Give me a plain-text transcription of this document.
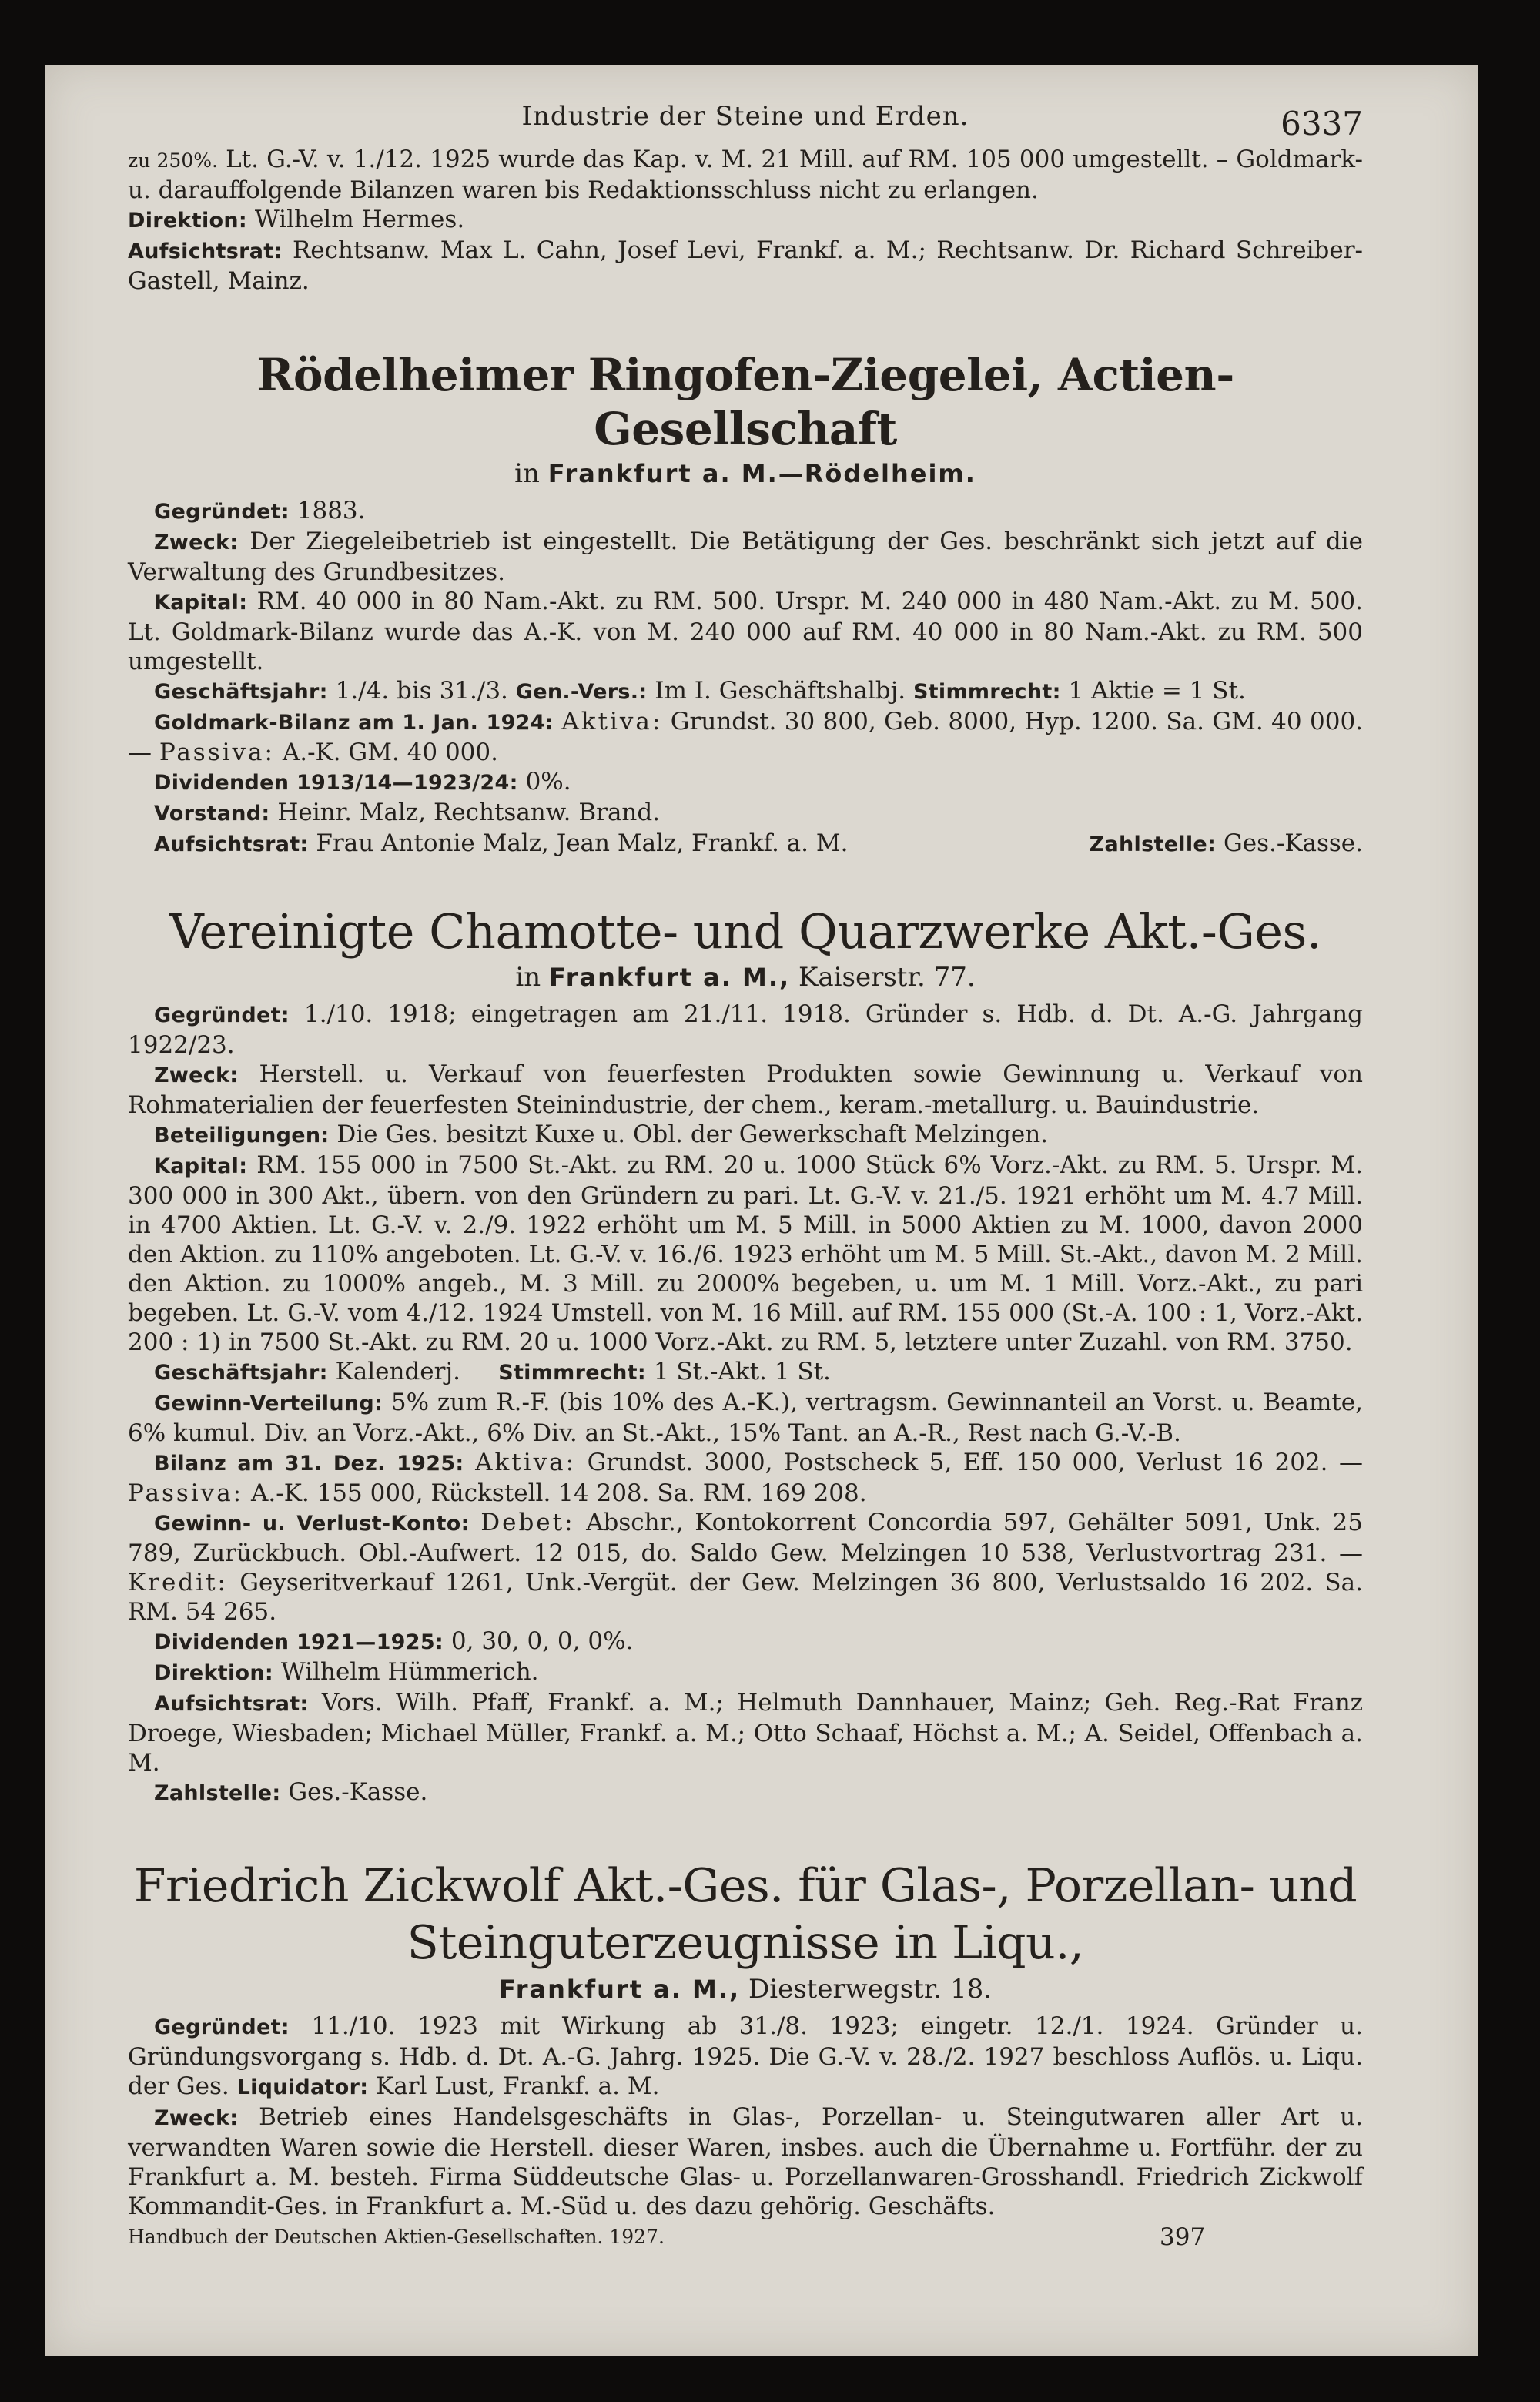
Industrie der Steine und Erden.	6337

zu 250%. Lt. G.-V. v. 1./12. 1925 wurde das Kap. v. M. 21 Mill. auf RM. 105 000 umgestellt. – Goldmark- u. darauffolgende Bilanzen waren bis Redaktionsschluss nicht zu erlangen.

Direktion: Wilhelm Hermes.

Aufsichtsrat: Rechtsanw. Max L. Cahn, Josef Levi, Frankf. a. M.; Rechtsanw. Dr. Richard Schreiber-Gastell, Mainz.

Rödelheimer Ringofen-Ziegelei, Actien-Gesellschaft
in Frankfurt a. M.—Rödelheim.

Gegründet: 1883.

Zweck: Der Ziegeleibetrieb ist eingestellt. Die Betätigung der Ges. beschränkt sich jetzt auf die Verwaltung des Grundbesitzes.

Kapital: RM. 40 000 in 80 Nam.-Akt. zu RM. 500. Urspr. M. 240 000 in 480 Nam.-Akt. zu M. 500. Lt. Goldmark-Bilanz wurde das A.-K. von M. 240 000 auf RM. 40 000 in 80 Nam.-Akt. zu RM. 500 umgestellt.

Geschäftsjahr: 1./4. bis 31./3. Gen.-Vers.: Im I. Geschäftshalbj. Stimmrecht: 1 Aktie = 1 St.

Goldmark-Bilanz am 1. Jan. 1924: Aktiva: Grundst. 30 800, Geb. 8000, Hyp. 1200. Sa. GM. 40 000. — Passiva: A.-K. GM. 40 000.

Dividenden 1913/14—1923/24: 0%.

Vorstand: Heinr. Malz, Rechtsanw. Brand.

Aufsichtsrat: Frau Antonie Malz, Jean Malz, Frankf. a. M.	Zahlstelle: Ges.-Kasse.
Vereinigte Chamotte- und Quarzwerke Akt.-Ges.
in Frankfurt a. M., Kaiserstr. 77.

Gegründet: 1./10. 1918; eingetragen am 21./11. 1918. Gründer s. Hdb. d. Dt. A.-G. Jahrgang 1922/23.

Zweck: Herstell. u. Verkauf von feuerfesten Produkten sowie Gewinnung u. Verkauf von Rohmaterialien der feuerfesten Steinindustrie, der chem., keram.-metallurg. u. Bauindustrie.

Beteiligungen: Die Ges. besitzt Kuxe u. Obl. der Gewerkschaft Melzingen.

Kapital: RM. 155 000 in 7500 St.-Akt. zu RM. 20 u. 1000 Stück 6% Vorz.-Akt. zu RM. 5. Urspr. M. 300 000 in 300 Akt., übern. von den Gründern zu pari. Lt. G.-V. v. 21./5. 1921 erhöht um M. 4.7 Mill. in 4700 Aktien. Lt. G.-V. v. 2./9. 1922 erhöht um M. 5 Mill. in 5000 Aktien zu M. 1000, davon 2000 den Aktion. zu 110% angeboten. Lt. G.-V. v. 16./6. 1923 erhöht um M. 5 Mill. St.-Akt., davon M. 2 Mill. den Aktion. zu 1000% angeb., M. 3 Mill. zu 2000% begeben, u. um M. 1 Mill. Vorz.-Akt., zu pari begeben. Lt. G.-V. vom 4./12. 1924 Umstell. von M. 16 Mill. auf RM. 155 000 (St.-A. 100 : 1, Vorz.-Akt. 200 : 1) in 7500 St.-Akt. zu RM. 20 u. 1000 Vorz.-Akt. zu RM. 5, letztere unter Zuzahl. von RM. 3750.

Geschäftsjahr: Kalenderj. Stimmrecht: 1 St.-Akt. 1 St.

Gewinn-Verteilung: 5% zum R.-F. (bis 10% des A.-K.), vertragsm. Gewinnanteil an Vorst. u. Beamte, 6% kumul. Div. an Vorz.-Akt., 6% Div. an St.-Akt., 15% Tant. an A.-R., Rest nach G.-V.-B.

Bilanz am 31. Dez. 1925: Aktiva: Grundst. 3000, Postscheck 5, Eff. 150 000, Verlust 16 202. — Passiva: A.-K. 155 000, Rückstell. 14 208. Sa. RM. 169 208.

Gewinn- u. Verlust-Konto: Debet: Abschr., Kontokorrent Concordia 597, Gehälter 5091, Unk. 25 789, Zurückbuch. Obl.-Aufwert. 12 015, do. Saldo Gew. Melzingen 10 538, Verlustvortrag 231. — Kredit: Geyseritverkauf 1261, Unk.-Vergüt. der Gew. Melzingen 36 800, Verlustsaldo 16 202. Sa. RM. 54 265.

Dividenden 1921—1925: 0, 30, 0, 0, 0%.

Direktion: Wilhelm Hümmerich.

Aufsichtsrat: Vors. Wilh. Pfaff, Frankf. a. M.; Helmuth Dannhauer, Mainz; Geh. Reg.-Rat Franz Droege, Wiesbaden; Michael Müller, Frankf. a. M.; Otto Schaaf, Höchst a. M.; A. Seidel, Offenbach a. M.

Zahlstelle: Ges.-Kasse.

Friedrich Zickwolf Akt.-Ges. für Glas-, Porzellan- und
Steinguterzeugnisse in Liqu.,
Frankfurt a. M., Diesterwegstr. 18.

Gegründet: 11./10. 1923 mit Wirkung ab 31./8. 1923; eingetr. 12./1. 1924. Gründer u. Gründungsvorgang s. Hdb. d. Dt. A.-G. Jahrg. 1925. Die G.-V. v. 28./2. 1927 beschloss Auflös. u. Liqu. der Ges. Liquidator: Karl Lust, Frankf. a. M.

Zweck: Betrieb eines Handelsgeschäfts in Glas-, Porzellan- u. Steingutwaren aller Art u. verwandten Waren sowie die Herstell. dieser Waren, insbes. auch die Übernahme u. Fortführ. der zu Frankfurt a. M. besteh. Firma Süddeutsche Glas- u. Porzellanwaren-Grosshandl. Friedrich Zickwolf Kommandit-Ges. in Frankfurt a. M.-Süd u. des dazu gehörig. Geschäfts.

Handbuch der Deutschen Aktien-Gesellschaften. 1927.	397
